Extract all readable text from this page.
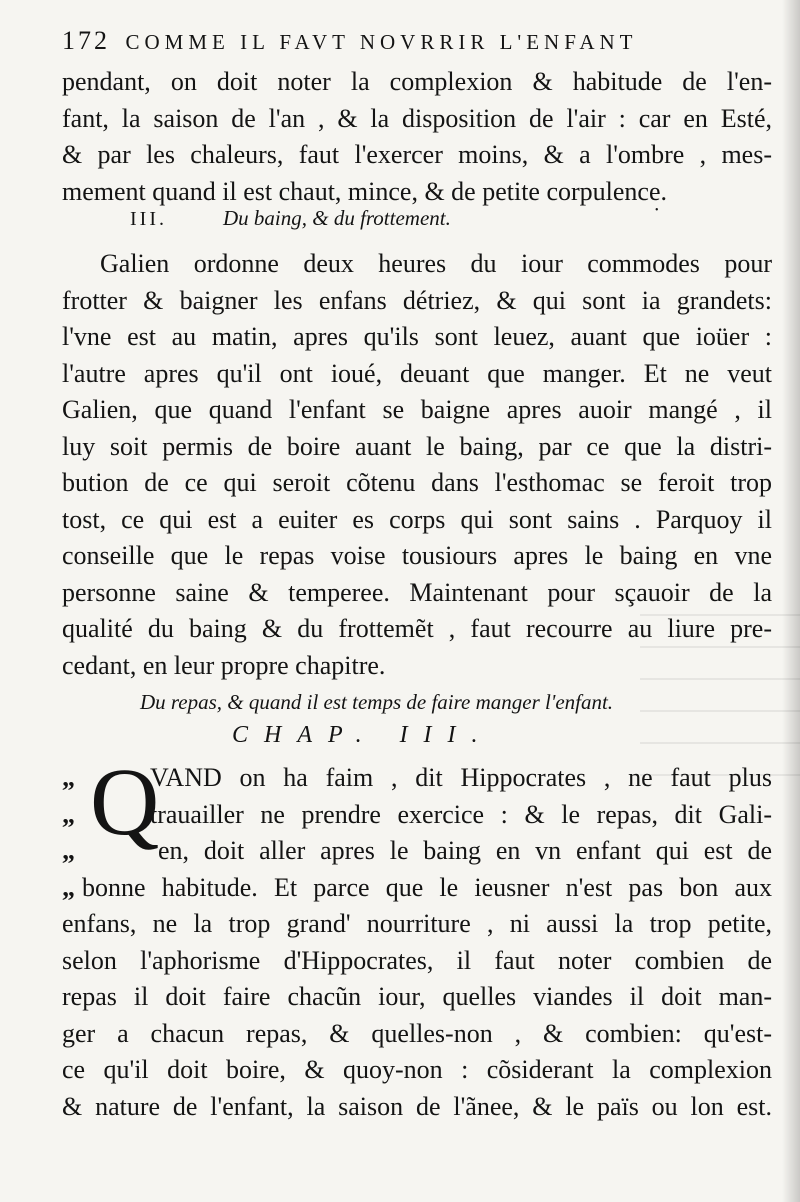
172 COMME IL FAVT NOVRRIR L'ENFANT
pendant, on doit noter la complexion & habitude de l'en-
fant, la saison de l'an , & la disposition de l'air : car en Esté,
& par les chaleurs, faut l'exercer moins, & a l'ombre , mes-
mement quand il est chaut, mince, & de petite corpulence.
III.	Du baing, & du frottement.	•
Galien ordonne deux heures du iour commodes pour
frotter & baigner les enfans détriez, & qui sont ia grandets:
l'vne est au matin, apres qu'ils sont leuez, auant que ioüer :
l'autre apres qu'il ont ioué, deuant que manger. Et ne veut
Galien, que quand l'enfant se baigne apres auoir mangé , il
luy soit permis de boire auant le baing, par ce que la distri-
bution de ce qui seroit cõtenu dans l'esthomac se feroit trop
tost, ce qui est a euiter es corps qui sont sains . Parquoy il
conseille que le repas voise tousiours apres le baing en vne
personne saine & temperee. Maintenant pour sçauoir de la
qualité du baing & du frottemẽt , faut recourre au liure pre-
cedant, en leur propre chapitre.
Du repas, & quand il est temps de faire manger l'enfant.
CHAP. III.
„
„
„
„
Q
VAND on ha faim , dit Hippocrates , ne faut plus
trauailler ne prendre exercice : & le repas, dit Gali-
en, doit aller apres le baing en vn enfant qui est de
bonne habitude. Et parce que le ieusner n'est pas bon aux
enfans, ne la trop grand' nourriture , ni aussi la trop petite,
selon l'aphorisme d'Hippocrates, il faut noter combien de
repas il doit faire chacũn iour, quelles viandes il doit man-
ger a chacun repas, & quelles-non , & combien: qu'est-
ce qu'il doit boire, & quoy-non : cõsiderant la complexion
& nature de l'enfant, la saison de l'ãnee, & le païs ou lon est.
